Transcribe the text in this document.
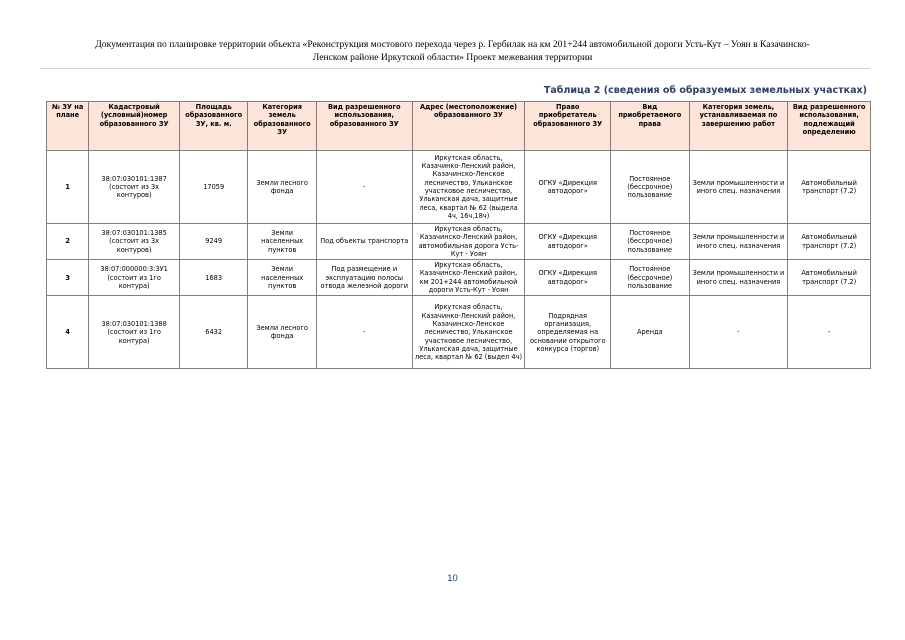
Документация по планировке территории объекта «Реконструкция мостового перехода через р. Гербилак на км 201+244 автомобильной дороги Усть-Кут – Уоян в Казачинско-
Ленском районе Иркутской области» Проект межевания территории
Таблица 2 (сведения об образуемых земельных участках)
№ ЗУ на плане	Кадастровый (условный)номер образованного ЗУ	Площадь образованного ЗУ, кв. м.	Категория земель образованного ЗУ	Вид разрешенного использования, образованного ЗУ	Адрес (местоположение) образованного ЗУ	Право приобретатель образованного ЗУ	Вид приобретаемого права	Категория земель, устанавливаемая по завершению работ	Вид разрешенного использования, подлежащий определению
1	38:07:030101:1387 (состоит из 3х контуров)	17059	Земли лесного фонда	-	Иркутская область, Казачинко-Ленский район, Казачинско-Ленское лесничество, Ульканское участковое лесничество, Ульканская дача, защитные леса, квартал № 62 (выдела 4ч, 16ч,18ч)	ОГКУ «Дирекция автодорог»	Постоянное (бессрочное) пользование	Земли промышленности и иного спец. назначения	Автомобильный транспорт (7.2)
2	38:07:030101:1385 (состоит из 3х контуров)	9249	Земли населенных пунктов	Под объекты транспорта	Иркутская область, Казачинско-Ленский район, автомобильная дорога Усть-Кут - Уоян	ОГКУ «Дирекция автодорог»	Постоянное (бессрочное) пользование	Земли промышленности и иного спец. назначения	Автомобильный транспорт (7.2)
3	38:07:000000:3:ЗУ1 (состоит из 1го контура)	1683	Земли населенных пунктов	Под размещение и эксплуатацию полосы отвода железной дороги	Иркутская область, Казачинско-Ленский район, км 201+244 автомобильной дороги Усть-Кут - Уоян	ОГКУ «Дирекция автодорог»	Постоянное (бессрочное) пользование	Земли промышленности и иного спец. назначения	Автомобильный транспорт (7.2)
4	38:07:030101:1388 (состоит из 1го контура)	6432	Земли лесного фонда	-	Иркутская область, Казачинко-Ленский район, Казачинско-Ленское лесничество, Ульканское участковое лесничество, Ульканская дача, защитные леса, квартал № 62 (выдел 4ч)	Подрядная организация, определяемая на основании открытого конкурса (торгов)	Аренда	-	-
10
